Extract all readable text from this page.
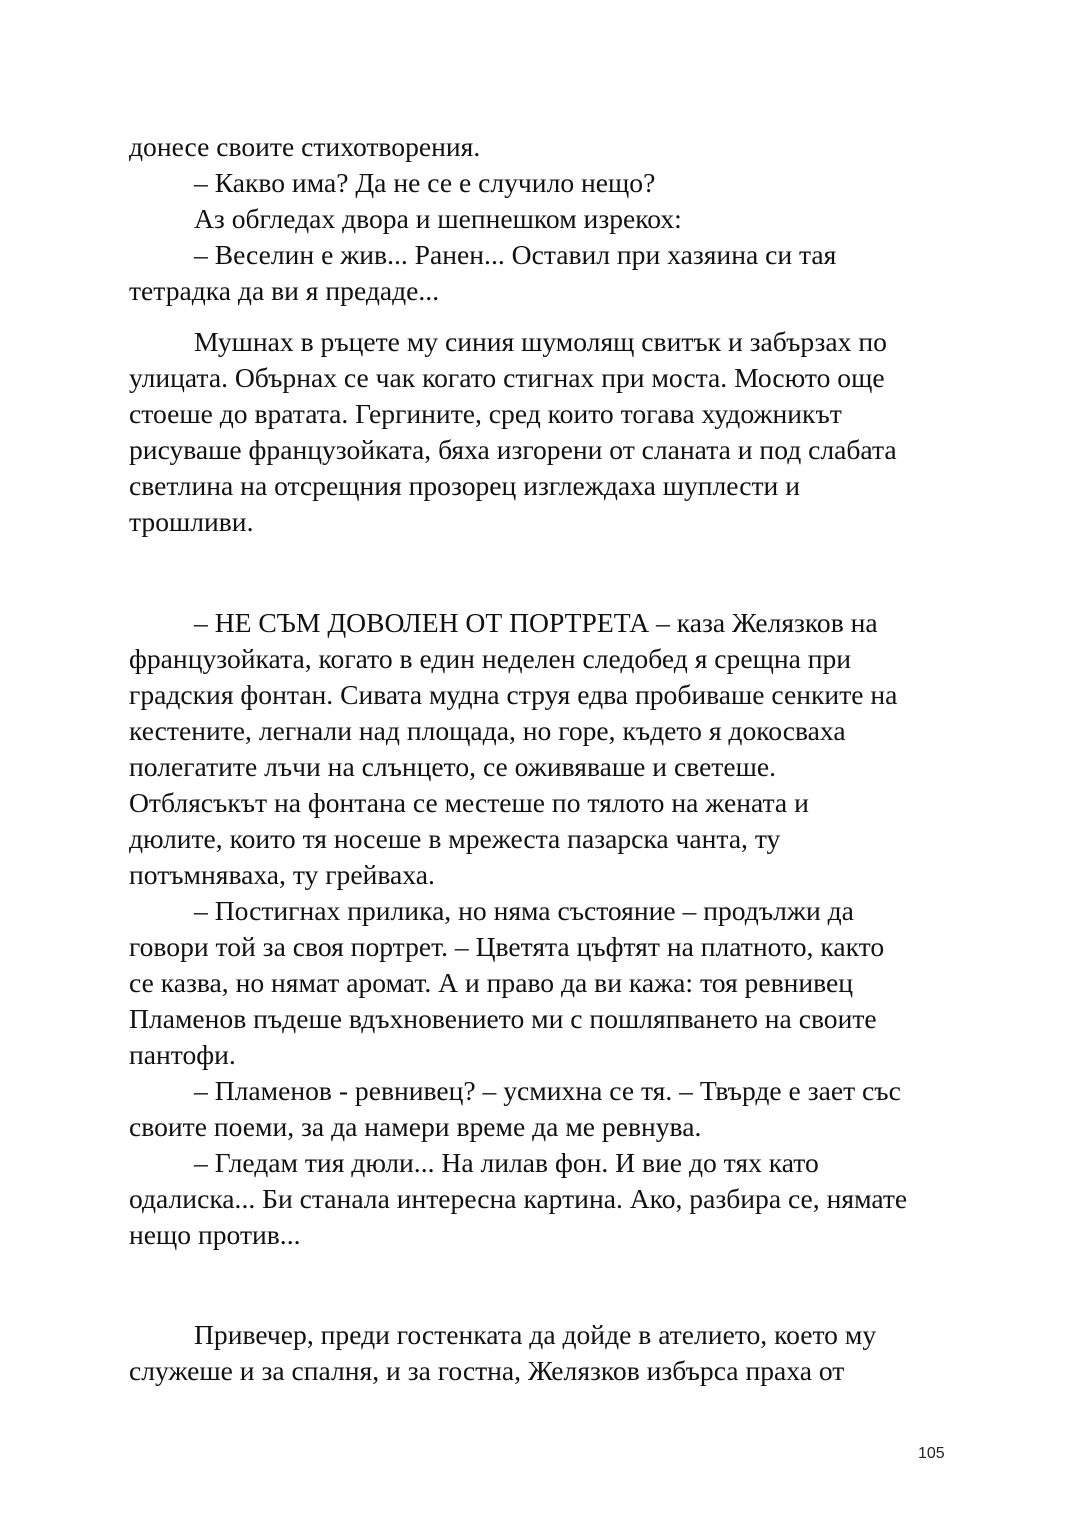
донесе своите стихотворения.

– Какво има? Да не се е случило нещо?

Аз обгледах двора и шепнешком изрекох:

– Веселин е жив... Ранен... Оставил при хазяина си тая

тетрадка да ви я предаде...

Мушнах в ръцете му синия шумолящ свитък и забързах по

улицата. Обърнах се чак когато стигнах при моста. Мосюто още

стоеше до вратата. Гергините, сред които тогава художникът

рисуваше французойката, бяха изгорени от сланата и под слабата

светлина на отсрещния прозорец изглеждаха шуплести и

трошливи.

– НЕ СЪМ ДОВОЛЕН ОТ ПОРТРЕТА – каза Желязков на

французойката, когато в един неделен следобед я срещна при

градския фонтан. Сивата мудна струя едва пробиваше сенките на

кестените, легнали над площада, но горе, където я докосваха

полегатите лъчи на слънцето, се оживяваше и светеше.

Отблясъкът на фонтана се местеше по тялото на жената и

дюлите, които тя носеше в мрежеста пазарска чанта, ту

потъмняваха, ту грейваха.

– Постигнах прилика, но няма състояние – продължи да

говори той за своя портрет. – Цветята цъфтят на платното, както

се казва, но нямат аромат. А и право да ви кажа: тоя ревнивец

Пламенов пъдеше вдъхновението ми с пошляпването на своите

пантофи.

– Пламенов - ревнивец? – усмихна се тя. – Твърде е зает със

своите поеми, за да намери време да ме ревнува.

– Гледам тия дюли... На лилав фон. И вие до тях като

одалиска... Би станала интересна картина. Ако, разбира се, нямате

нещо против...

Привечер, преди гостенката да дойде в ателието, което му

служеше и за спалня, и за гостна, Желязков избърса праха от

105
